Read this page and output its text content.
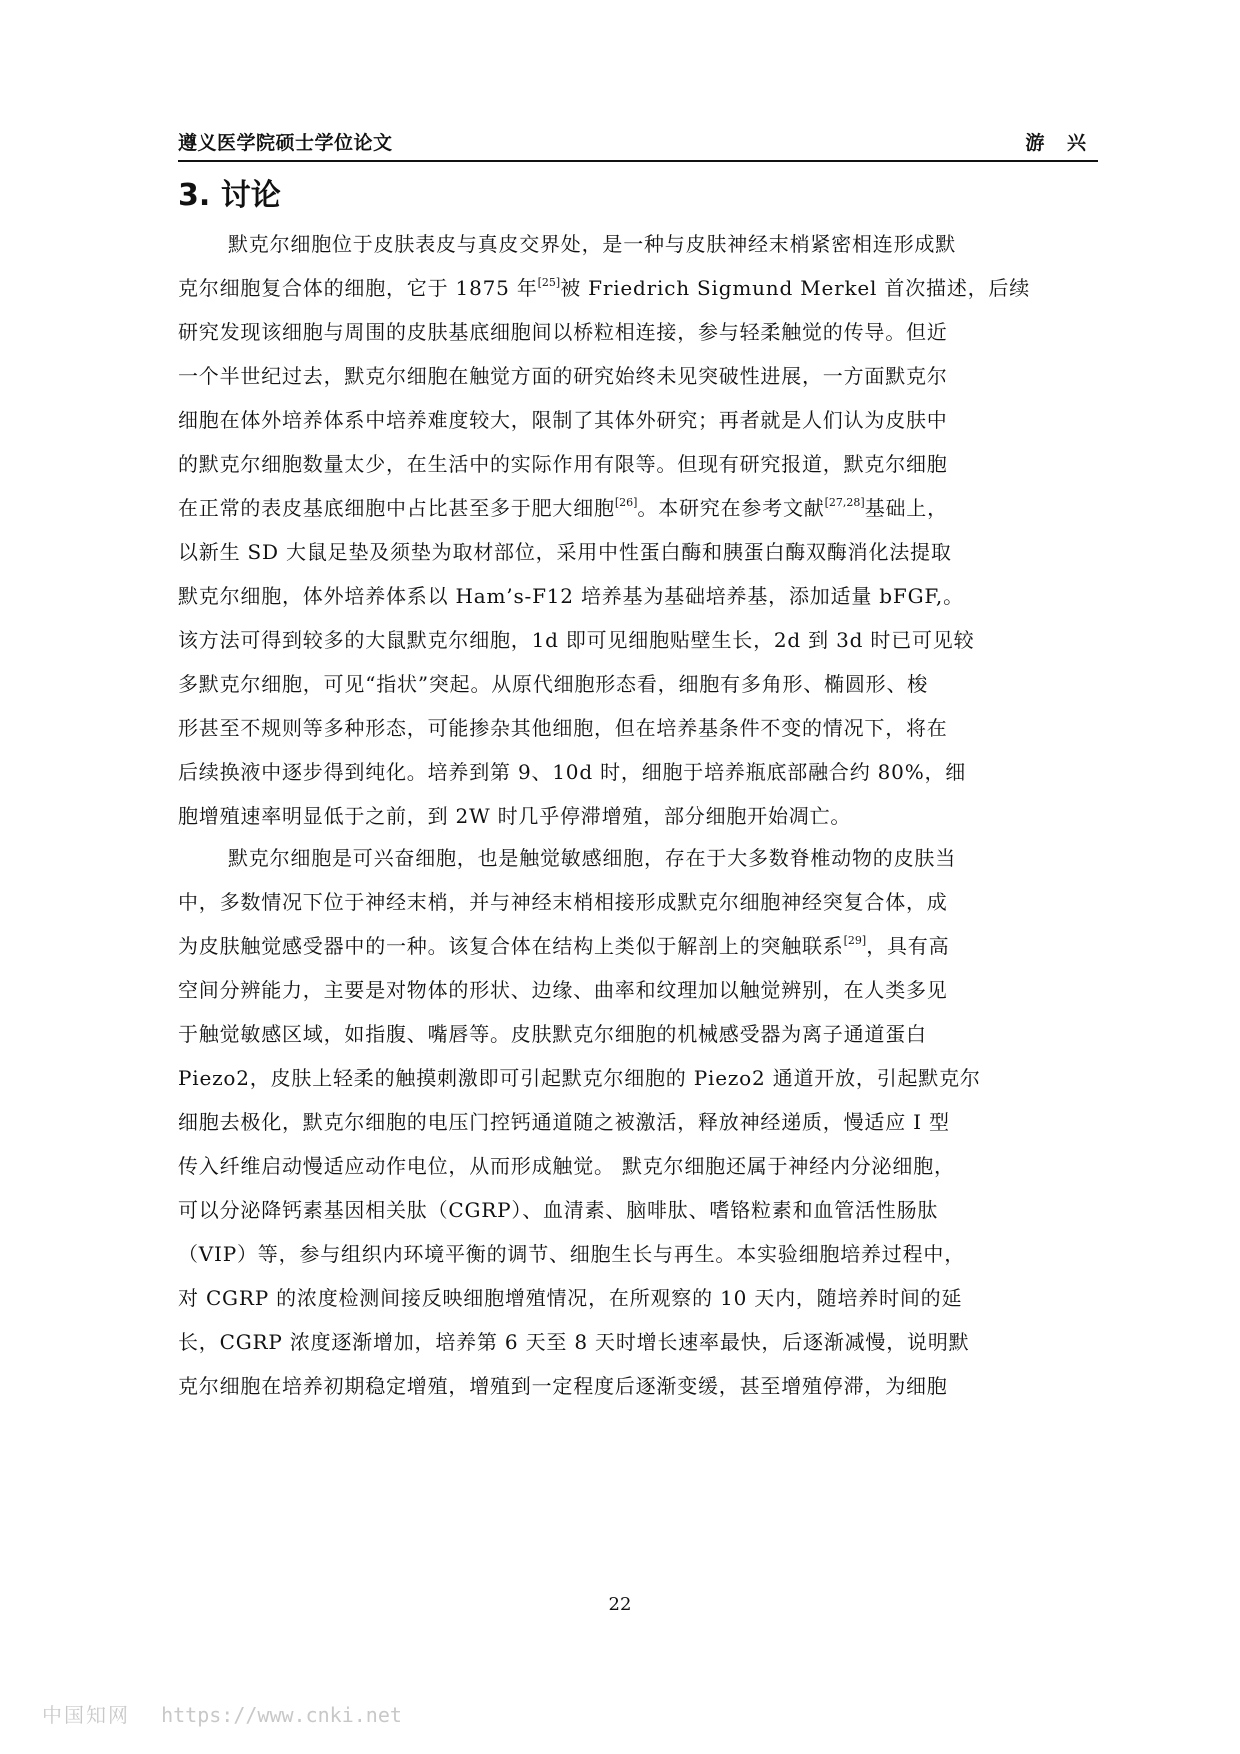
遵义医学院硕士学位论文	游 兴
3. 讨论
默克尔细胞位于皮肤表皮与真皮交界处，是一种与皮肤神经末梢紧密相连形成默
克尔细胞复合体的细胞，它于 1875 年[25]被 Friedrich Sigmund Merkel 首次描述，后续
研究发现该细胞与周围的皮肤基底细胞间以桥粒相连接，参与轻柔触觉的传导。但近
一个半世纪过去，默克尔细胞在触觉方面的研究始终未见突破性进展，一方面默克尔
细胞在体外培养体系中培养难度较大，限制了其体外研究；再者就是人们认为皮肤中
的默克尔细胞数量太少，在生活中的实际作用有限等。但现有研究报道，默克尔细胞
在正常的表皮基底细胞中占比甚至多于肥大细胞[26]。本研究在参考文献[27,28]基础上，
以新生 SD 大鼠足垫及须垫为取材部位，采用中性蛋白酶和胰蛋白酶双酶消化法提取
默克尔细胞，体外培养体系以 Ham’s-F12 培养基为基础培养基，添加适量 bFGF,。
该方法可得到较多的大鼠默克尔细胞，1d 即可见细胞贴壁生长，2d 到 3d 时已可见较
多默克尔细胞，可见“指状”突起。从原代细胞形态看，细胞有多角形、椭圆形、梭
形甚至不规则等多种形态，可能掺杂其他细胞，但在培养基条件不变的情况下，将在
后续换液中逐步得到纯化。培养到第 9、10d 时，细胞于培养瓶底部融合约 80%，细
胞增殖速率明显低于之前，到 2W 时几乎停滞增殖，部分细胞开始凋亡。
默克尔细胞是可兴奋细胞，也是触觉敏感细胞，存在于大多数脊椎动物的皮肤当
中，多数情况下位于神经末梢，并与神经末梢相接形成默克尔细胞神经突复合体，成
为皮肤触觉感受器中的一种。该复合体在结构上类似于解剖上的突触联系[29]，具有高
空间分辨能力，主要是对物体的形状、边缘、曲率和纹理加以触觉辨别，在人类多见
于触觉敏感区域，如指腹、嘴唇等。皮肤默克尔细胞的机械感受器为离子通道蛋白
Piezo2，皮肤上轻柔的触摸刺激即可引起默克尔细胞的 Piezo2 通道开放，引起默克尔
细胞去极化，默克尔细胞的电压门控钙通道随之被激活，释放神经递质，慢适应 I 型
传入纤维启动慢适应动作电位，从而形成触觉。 默克尔细胞还属于神经内分泌细胞，
可以分泌降钙素基因相关肽（CGRP）、血清素、脑啡肽、嗜铬粒素和血管活性肠肽
（VIP）等，参与组织内环境平衡的调节、细胞生长与再生。本实验细胞培养过程中，
对 CGRP 的浓度检测间接反映细胞增殖情况，在所观察的 10 天内，随培养时间的延
长，CGRP 浓度逐渐增加，培养第 6 天至 8 天时增长速率最快，后逐渐减慢，说明默
克尔细胞在培养初期稳定增殖，增殖到一定程度后逐渐变缓，甚至增殖停滞，为细胞
22
中国知网 https://www.cnki.net
